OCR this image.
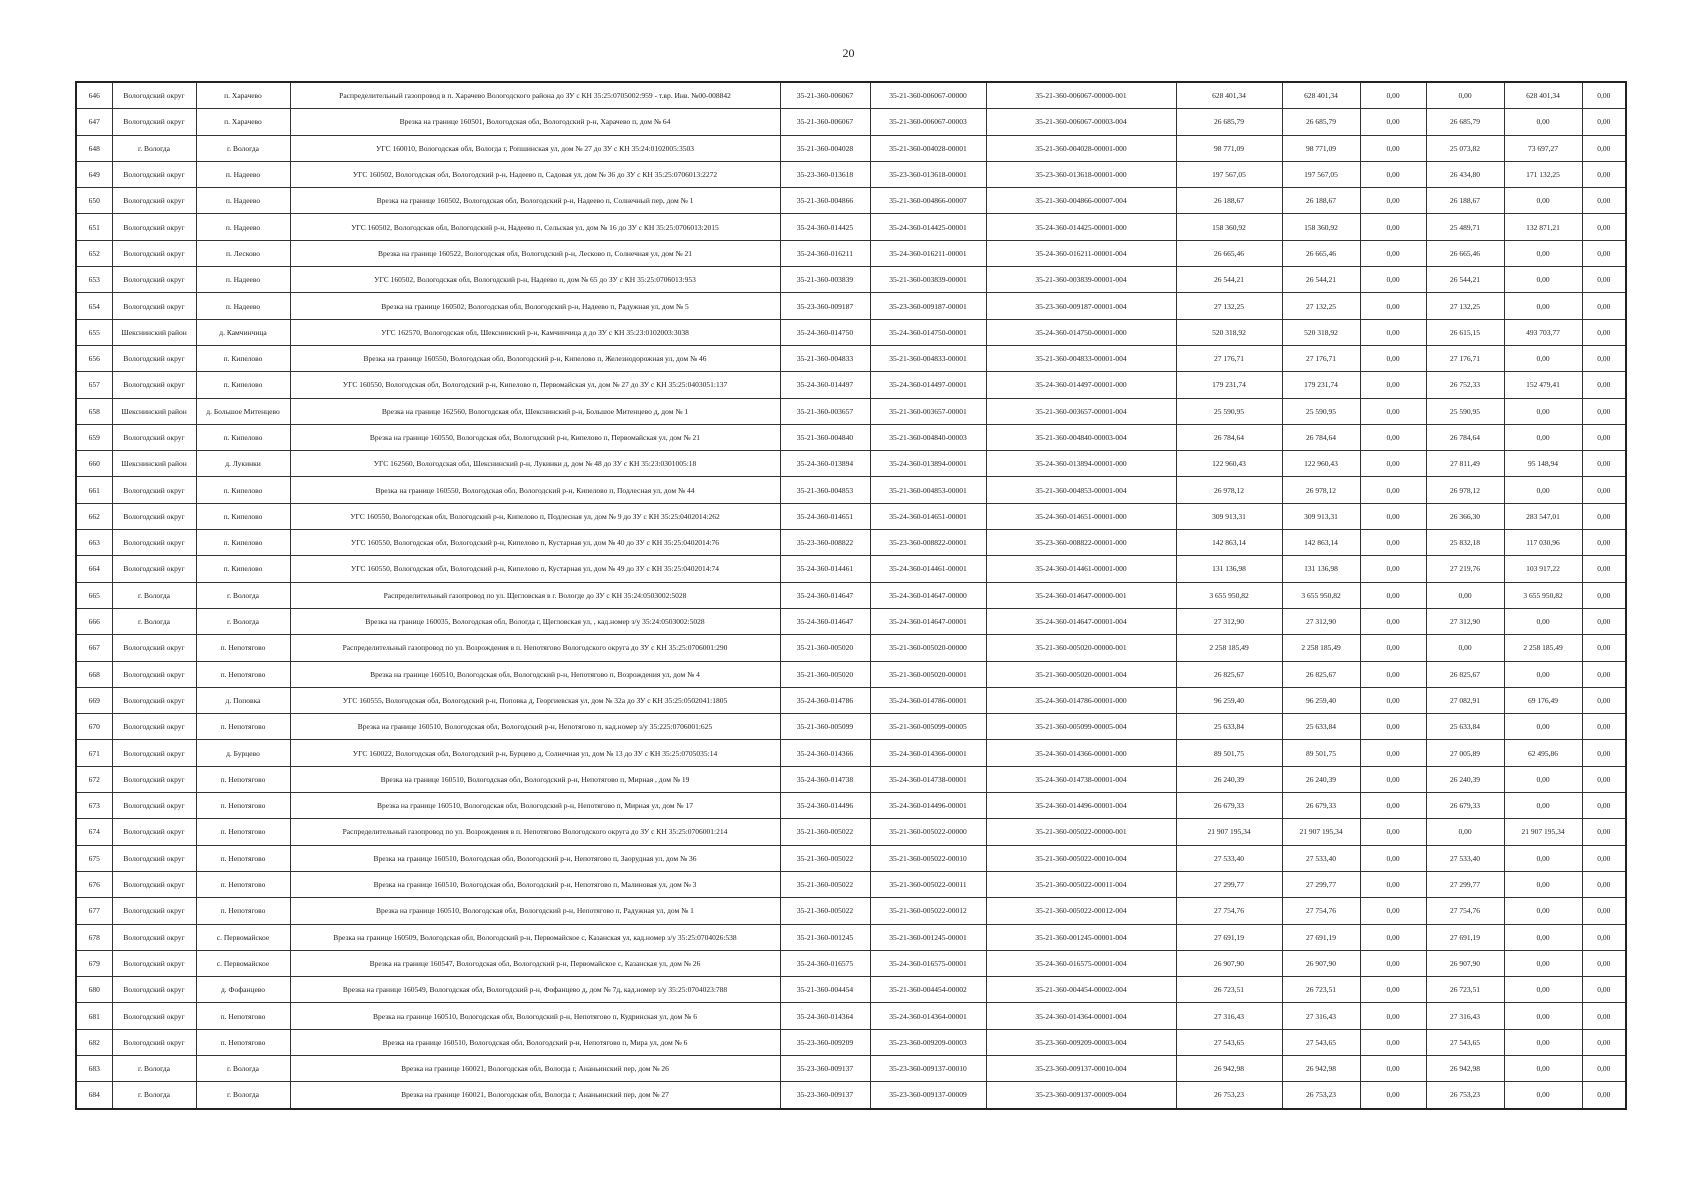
20
646	Вологодский округ	п. Харачево	Распределительный газопровод в п. Харачево Вологодского района до ЗУ с КН 35:25:0705002:959 - т.вр. Инв. №00-008842	35-21-360-006067	35-21-360-006067-00000	35-21-360-006067-00000-001	628 401,34	628 401,34	0,00	0,00	628 401,34	0,00
647	Вологодский округ	п. Харачево	Врезка на границе 160501, Вологодская обл, Вологодский р-н, Харачево п, дом № 64	35-21-360-006067	35-21-360-006067-00003	35-21-360-006067-00003-004	26 685,79	26 685,79	0,00	26 685,79	0,00	0,00
648	г. Вологда	г. Вологда	УГС 160010, Вологодская обл, Вологда г, Ропшинская ул, дом № 27 до ЗУ с КН 35:24:0102005:3503	35-21-360-004028	35-21-360-004028-00001	35-21-360-004028-00001-000	98 771,09	98 771,09	0,00	25 073,82	73 697,27	0,00
649	Вологодский округ	п. Надеево	УГС 160502, Вологодская обл, Вологодский р-н, Надеево п, Садовая ул, дом № 36 до ЗУ с КН 35:25:0706013:2272	35-23-360-013618	35-23-360-013618-00001	35-23-360-013618-00001-000	197 567,05	197 567,05	0,00	26 434,80	171 132,25	0,00
650	Вологодский округ	п. Надеево	Врезка на границе 160502, Вологодская обл, Вологодский р-н, Надеево п, Солнечный пер, дом № 1	35-21-360-004866	35-21-360-004866-00007	35-21-360-004866-00007-004	26 188,67	26 188,67	0,00	26 188,67	0,00	0,00
651	Вологодский округ	п. Надеево	УГС 160502, Вологодская обл, Вологодский р-н, Надеево п, Сельская ул, дом № 16 до ЗУ с КН 35:25:0706013:2015	35-24-360-014425	35-24-360-014425-00001	35-24-360-014425-00001-000	158 360,92	158 360,92	0,00	25 489,71	132 871,21	0,00
652	Вологодский округ	п. Лесково	Врезка на границе 160522, Вологодская обл, Вологодский р-н, Лесково п, Солнечная ул, дом № 21	35-24-360-016211	35-24-360-016211-00001	35-24-360-016211-00001-004	26 665,46	26 665,46	0,00	26 665,46	0,00	0,00
653	Вологодский округ	п. Надеево	УГС 160502, Вологодская обл, Вологодский р-н, Надеево п, дом № 65 до ЗУ с КН 35:25:0706013:953	35-21-360-003839	35-21-360-003839-00001	35-21-360-003839-00001-004	26 544,21	26 544,21	0,00	26 544,21	0,00	0,00
654	Вологодский округ	п. Надеево	Врезка на границе 160502, Вологодская обл, Вологодский р-н, Надеево п, Радужная ул, дом № 5	35-23-360-009187	35-23-360-009187-00001	35-23-360-009187-00001-004	27 132,25	27 132,25	0,00	27 132,25	0,00	0,00
655	Шекснинский район	д. Камчинчица	УГС 162570, Вологодская обл, Шекснинский р-н, Камчинчица д до ЗУ с КН 35:23:0102003:3038	35-24-360-014750	35-24-360-014750-00001	35-24-360-014750-00001-000	520 318,92	520 318,92	0,00	26 615,15	493 703,77	0,00
656	Вологодский округ	п. Кипелово	Врезка на границе 160550, Вологодская обл, Вологодский р-н, Кипелово п, Железнодорожная ул, дом № 46	35-21-360-004833	35-21-360-004833-00001	35-21-360-004833-00001-004	27 176,71	27 176,71	0,00	27 176,71	0,00	0,00
657	Вологодский округ	п. Кипелово	УГС 160550, Вологодская обл, Вологодский р-н, Кипелово п, Первомайская ул, дом № 27 до ЗУ с КН 35:25:0403051:137	35-24-360-014497	35-24-360-014497-00001	35-24-360-014497-00001-000	179 231,74	179 231,74	0,00	26 752,33	152 479,41	0,00
658	Шекснинский район	д. Большое Митенцево	Врезка на границе 162560, Вологодская обл, Шекснинский р-н, Большое Митенцево д, дом № 1	35-21-360-003657	35-21-360-003657-00001	35-21-360-003657-00001-004	25 590,95	25 590,95	0,00	25 590,95	0,00	0,00
659	Вологодский округ	п. Кипелово	Врезка на границе 160550, Вологодская обл, Вологодский р-н, Кипелово п, Первомайская ул, дом № 21	35-21-360-004840	35-21-360-004840-00003	35-21-360-004840-00003-004	26 784,64	26 784,64	0,00	26 784,64	0,00	0,00
660	Шекснинский район	д. Лукинки	УГС 162560, Вологодская обл, Шекснинский р-н, Лукинки д, дом № 48 до ЗУ с КН 35:23:0301005:18	35-24-360-013894	35-24-360-013894-00001	35-24-360-013894-00001-000	122 960,43	122 960,43	0,00	27 811,49	95 148,94	0,00
661	Вологодский округ	п. Кипелово	Врезка на границе 160550, Вологодская обл, Вологодский р-н, Кипелово п, Подлесная ул, дом № 44	35-21-360-004853	35-21-360-004853-00001	35-21-360-004853-00001-004	26 978,12	26 978,12	0,00	26 978,12	0,00	0,00
662	Вологодский округ	п. Кипелово	УГС 160550, Вологодская обл, Вологодский р-н, Кипелово п, Подлесная ул, дом № 9 до ЗУ с КН 35:25:0402014:262	35-24-360-014651	35-24-360-014651-00001	35-24-360-014651-00001-000	309 913,31	309 913,31	0,00	26 366,30	283 547,01	0,00
663	Вологодский округ	п. Кипелово	УГС 160550, Вологодская обл, Вологодский р-н, Кипелово п, Кустарная ул, дом № 40 до ЗУ с КН 35:25:0402014:76	35-23-360-008822	35-23-360-008822-00001	35-23-360-008822-00001-000	142 863,14	142 863,14	0,00	25 832,18	117 030,96	0,00
664	Вологодский округ	п. Кипелово	УГС 160550, Вологодская обл, Вологодский р-н, Кипелово п, Кустарная ул, дом № 49 до ЗУ с КН 35:25:0402014:74	35-24-360-014461	35-24-360-014461-00001	35-24-360-014461-00001-000	131 136,98	131 136,98	0,00	27 219,76	103 917,22	0,00
665	г. Вологда	г. Вологда	Распределительный газопровод по ул. Щегловская в г. Вологде до ЗУ с КН 35:24:0503002:5028	35-24-360-014647	35-24-360-014647-00000	35-24-360-014647-00000-001	3 655 950,82	3 655 950,82	0,00	0,00	3 655 950,82	0,00
666	г. Вологда	г. Вологда	Врезка на границе 160035, Вологодская обл, Вологда г, Щегловская ул, , кад.номер з/у 35:24:0503002:5028	35-24-360-014647	35-24-360-014647-00001	35-24-360-014647-00001-004	27 312,90	27 312,90	0,00	27 312,90	0,00	0,00
667	Вологодский округ	п. Непотягово	Распределительный газопровод по ул. Возрождения в п. Непотягово Вологодского округа до ЗУ с КН 35:25:0706001:290	35-21-360-005020	35-21-360-005020-00000	35-21-360-005020-00000-001	2 258 185,49	2 258 185,49	0,00	0,00	2 258 185,49	0,00
668	Вологодский округ	п. Непотягово	Врезка на границе 160510, Вологодская обл, Вологодский р-н, Непотягово п, Возрождения ул, дом № 4	35-21-360-005020	35-21-360-005020-00001	35-21-360-005020-00001-004	26 825,67	26 825,67	0,00	26 825,67	0,00	0,00
669	Вологодский округ	д. Поповка	УГС 160555, Вологодская обл, Вологодский р-н, Поповка д, Георгиевская ул, дом № 32а до ЗУ с КН 35:25:0502041:1805	35-24-360-014786	35-24-360-014786-00001	35-24-360-014786-00001-000	96 259,40	96 259,40	0,00	27 082,91	69 176,49	0,00
670	Вологодский округ	п. Непотягово	Врезка на границе 160510, Вологодская обл, Вологодский р-н, Непотягово п, кад.номер з/у 35:225:0706001:625	35-21-360-005099	35-21-360-005099-00005	35-21-360-005099-00005-004	25 633,84	25 633,84	0,00	25 633,84	0,00	0,00
671	Вологодский округ	д. Бурцево	УГС 160022, Вологодская обл, Вологодский р-н, Бурцево д, Солнечная ул, дом № 13 до ЗУ с КН 35:25:0705035:14	35-24-360-014366	35-24-360-014366-00001	35-24-360-014366-00001-000	89 501,75	89 501,75	0,00	27 005,89	62 495,86	0,00
672	Вологодский округ	п. Непотягово	Врезка на границе 160510, Вологодская обл, Вологодский р-н, Непотягово п, Мирная , дом № 19	35-24-360-014738	35-24-360-014738-00001	35-24-360-014738-00001-004	26 240,39	26 240,39	0,00	26 240,39	0,00	0,00
673	Вологодский округ	п. Непотягово	Врезка на границе 160510, Вологодская обл, Вологодский р-н, Непотягово п, Мирная ул, дом № 17	35-24-360-014496	35-24-360-014496-00001	35-24-360-014496-00001-004	26 679,33	26 679,33	0,00	26 679,33	0,00	0,00
674	Вологодский округ	п. Непотягово	Распределительный газопровод по ул. Возрождения в п. Непотягово Вологодского округа до ЗУ с КН 35:25:0706001:214	35-21-360-005022	35-21-360-005022-00000	35-21-360-005022-00000-001	21 907 195,34	21 907 195,34	0,00	0,00	21 907 195,34	0,00
675	Вологодский округ	п. Непотягово	Врезка на границе 160510, Вологодская обл, Вологодский р-н, Непотягово п, Заорудная ул, дом № 36	35-21-360-005022	35-21-360-005022-00010	35-21-360-005022-00010-004	27 533,40	27 533,40	0,00	27 533,40	0,00	0,00
676	Вологодский округ	п. Непотягово	Врезка на границе 160510, Вологодская обл, Вологодский р-н, Непотягово п, Малиновая ул, дом № 3	35-21-360-005022	35-21-360-005022-00011	35-21-360-005022-00011-004	27 299,77	27 299,77	0,00	27 299,77	0,00	0,00
677	Вологодский округ	п. Непотягово	Врезка на границе 160510, Вологодская обл, Вологодский р-н, Непотягово п, Радужная ул, дом № 1	35-21-360-005022	35-21-360-005022-00012	35-21-360-005022-00012-004	27 754,76	27 754,76	0,00	27 754,76	0,00	0,00
678	Вологодский округ	с. Первомайское	Врезка на границе 160509, Вологодская обл, Вологодский р-н, Первомайское с, Казанская ул, кад.номер з/у 35:25:0704026:538	35-21-360-001245	35-21-360-001245-00001	35-21-360-001245-00001-004	27 691,19	27 691,19	0,00	27 691,19	0,00	0,00
679	Вологодский округ	с. Первомайское	Врезка на границе 160547, Вологодская обл, Вологодский р-н, Первомайское с, Казанская ул, дом № 26	35-24-360-016575	35-24-360-016575-00001	35-24-360-016575-00001-004	26 907,90	26 907,90	0,00	26 907,90	0,00	0,00
680	Вологодский округ	д. Фофанцево	Врезка на границе 160549, Вологодская обл, Вологодский р-н, Фофанцево д, дом № 7д, кад.номер з/у 35:25:0704023:788	35-21-360-004454	35-21-360-004454-00002	35-21-360-004454-00002-004	26 723,51	26 723,51	0,00	26 723,51	0,00	0,00
681	Вологодский округ	п. Непотягово	Врезка на границе 160510, Вологодская обл, Вологодский р-н, Непотягово п, Кудринская ул, дом № 6	35-24-360-014364	35-24-360-014364-00001	35-24-360-014364-00001-004	27 316,43	27 316,43	0,00	27 316,43	0,00	0,00
682	Вологодский округ	п. Непотягово	Врезка на границе 160510, Вологодская обл, Вологодский р-н, Непотягово п, Мира ул, дом № 6	35-23-360-009209	35-23-360-009209-00003	35-23-360-009209-00003-004	27 543,65	27 543,65	0,00	27 543,65	0,00	0,00
683	г. Вологда	г. Вологда	Врезка на границе 160021, Вологодская обл, Вологда г, Ананьинский пер, дом № 26	35-23-360-009137	35-23-360-009137-00010	35-23-360-009137-00010-004	26 942,98	26 942,98	0,00	26 942,98	0,00	0,00
684	г. Вологда	г. Вологда	Врезка на границе 160021, Вологодская обл, Вологда г, Ананьинский пер, дом № 27	35-23-360-009137	35-23-360-009137-00009	35-23-360-009137-00009-004	26 753,23	26 753,23	0,00	26 753,23	0,00	0,00
